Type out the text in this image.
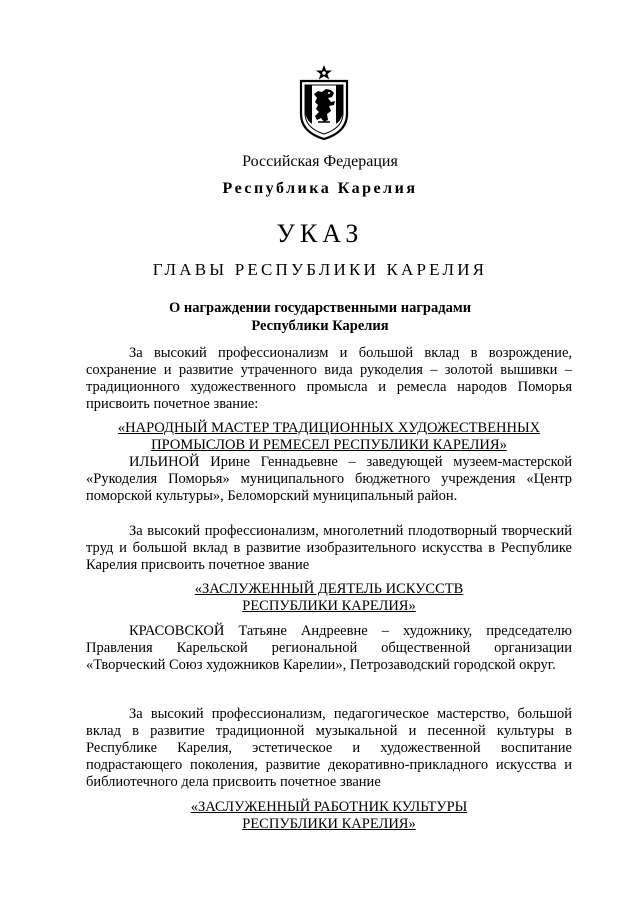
Российская Федерация
Республика Карелия
УКАЗ
ГЛАВЫ РЕСПУБЛИКИ КАРЕЛИЯ
О награждении государственными наградами
Республики Карелия
За высокий профессионализм и большой вклад в возрождение, сохранение и развитие утраченного вида рукоделия – золотой вышивки – традиционного художественного промысла и ремесла народов Поморья присвоить почетное звание:
«НАРОДНЫЙ МАСТЕР ТРАДИЦИОННЫХ ХУДОЖЕСТВЕННЫХ
ПРОМЫСЛОВ И РЕМЕСЕЛ РЕСПУБЛИКИ КАРЕЛИЯ»
ИЛЬИНОЙ Ирине Геннадьевне – заведующей музеем-мастерской «Рукоделия Поморья» муниципального бюджетного учреждения «Центр поморской культуры», Беломорский муниципальный район.
За высокий профессионализм, многолетний плодотворный творческий труд и большой вклад в развитие изобразительного искусства в Республике Карелия присвоить почетное звание
«ЗАСЛУЖЕННЫЙ ДЕЯТЕЛЬ ИСКУССТВ
РЕСПУБЛИКИ КАРЕЛИЯ»
КРАСОВСКОЙ Татьяне Андреевне – художнику, председателю Правления Карельской региональной общественной организации «Творческий Союз художников Карелии», Петрозаводский городской округ.
За высокий профессионализм, педагогическое мастерство, большой вклад в развитие традиционной музыкальной и песенной культуры в Республике Карелия, эстетическое и художественной воспитание подрастающего поколения, развитие декоративно-прикладного искусства и библиотечного дела присвоить почетное звание
«ЗАСЛУЖЕННЫЙ РАБОТНИК КУЛЬТУРЫ
РЕСПУБЛИКИ КАРЕЛИЯ»
